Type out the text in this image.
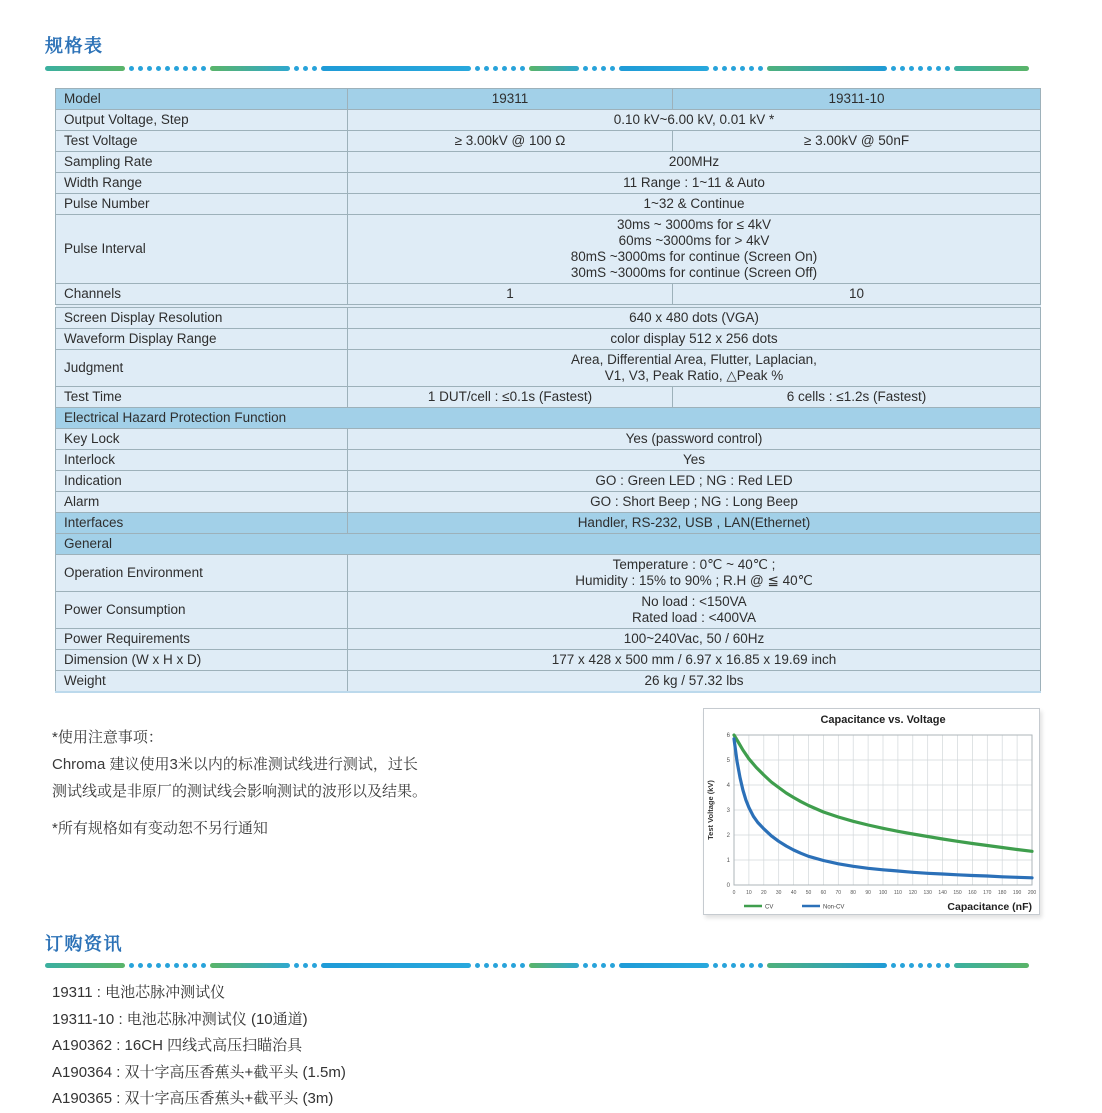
规格表
Model	19311	19311-10
Output Voltage, Step	0.10 kV~6.00 kV, 0.01 kV *	
Test Voltage	≥ 3.00kV @ 100 Ω	≥ 3.00kV @ 50nF
Sampling Rate	200MHz	
Width Range	11 Range : 1~11 & Auto	
Pulse Number	1~32 & Continue	
Pulse Interval	30ms ~ 3000ms for ≤ 4kV
60ms ~3000ms for > 4kV
80mS ~3000ms for continue (Screen On)
30mS ~3000ms for continue (Screen Off)	

Channels	1	10
Screen Display Resolution	640 x 480 dots (VGA)	
Waveform Display Range	color display 512 x 256 dots	
Judgment	Area, Differential Area, Flutter, Laplacian,
V1, V3, Peak Ratio, △Peak %	

Test Time	1 DUT/cell : ≤0.1s (Fastest)	6 cells : ≤1.2s (Fastest)
Electrical Hazard Protection Function		
Key Lock	Yes (password control)	
Interlock	Yes	
Indication	GO : Green LED ; NG : Red LED	
Alarm	GO : Short Beep ; NG : Long Beep	
Interfaces	Handler, RS-232, USB , LAN(Ethernet)	
General		
Operation Environment	Temperature : 0℃ ~ 40℃ ;
Humidity : 15% to 90% ; R.H @ ≦ 40℃	

Power Consumption	No load : <150VA
Rated load : <400VA	

Power Requirements	100~240Vac, 50 / 60Hz	
Dimension (W x H x D)	177 x 428 x 500 mm / 6.97 x 16.85 x 19.69 inch	
Weight	26 kg / 57.32 lbs	
*使用注意事项：
Chroma 建议使用3米以内的标准测试线进行测试，过长
测试线或是非原厂的测试线会影响测试的波形以及结果。
*所有规格如有变动恕不另行通知
Capacitance vs. Voltage
0
1
2
3
4
5
6
0 10 20 30 40 50 60 70 80 90 100 110 120 130 140 150 160 170 180 190 200
Test Voltage (kV)
Capacitance (nF)
CV	Non-CV
订购资讯
19311 : 电池芯脉冲测试仪
19311-10 : 电池芯脉冲测试仪 (10通道)
A190362 : 16CH 四线式高压扫瞄治具
A190364 : 双十字高压香蕉头+截平头 (1.5m)
A190365 : 双十字高压香蕉头+截平头 (3m)
